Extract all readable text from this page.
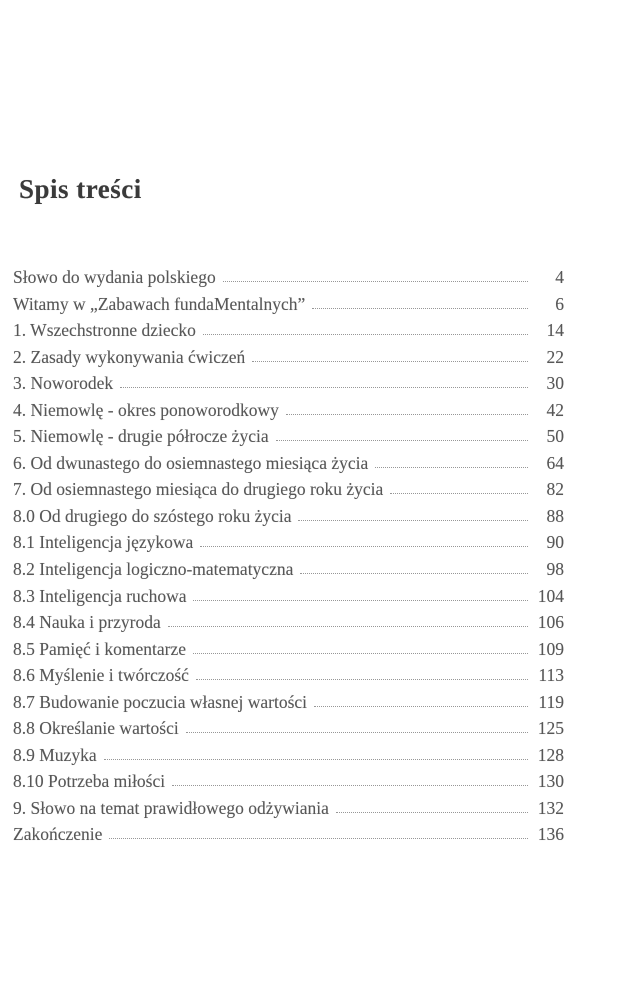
Spis treści
Słowo do wydania polskiego	4
Witamy w „Zabawach fundaMentalnych”	6
1. Wszechstronne dziecko	14
2. Zasady wykonywania ćwiczeń	22
3. Noworodek	30
4. Niemowlę - okres ponoworodkowy	42
5. Niemowlę - drugie półrocze życia	50
6. Od dwunastego do osiemnastego miesiąca życia	64
7. Od osiemnastego miesiąca do drugiego roku życia	82
8.0 Od drugiego do szóstego roku życia	88
8.1 Inteligencja językowa	90
8.2 Inteligencja logiczno-matematyczna	98
8.3 Inteligencja ruchowa	104
8.4 Nauka i przyroda	106
8.5 Pamięć i komentarze	109
8.6 Myślenie i twórczość	113
8.7 Budowanie poczucia własnej wartości	119
8.8 Określanie wartości	125
8.9 Muzyka	128
8.10 Potrzeba miłości	130
9. Słowo na temat prawidłowego odżywiania	132
Zakończenie	136
